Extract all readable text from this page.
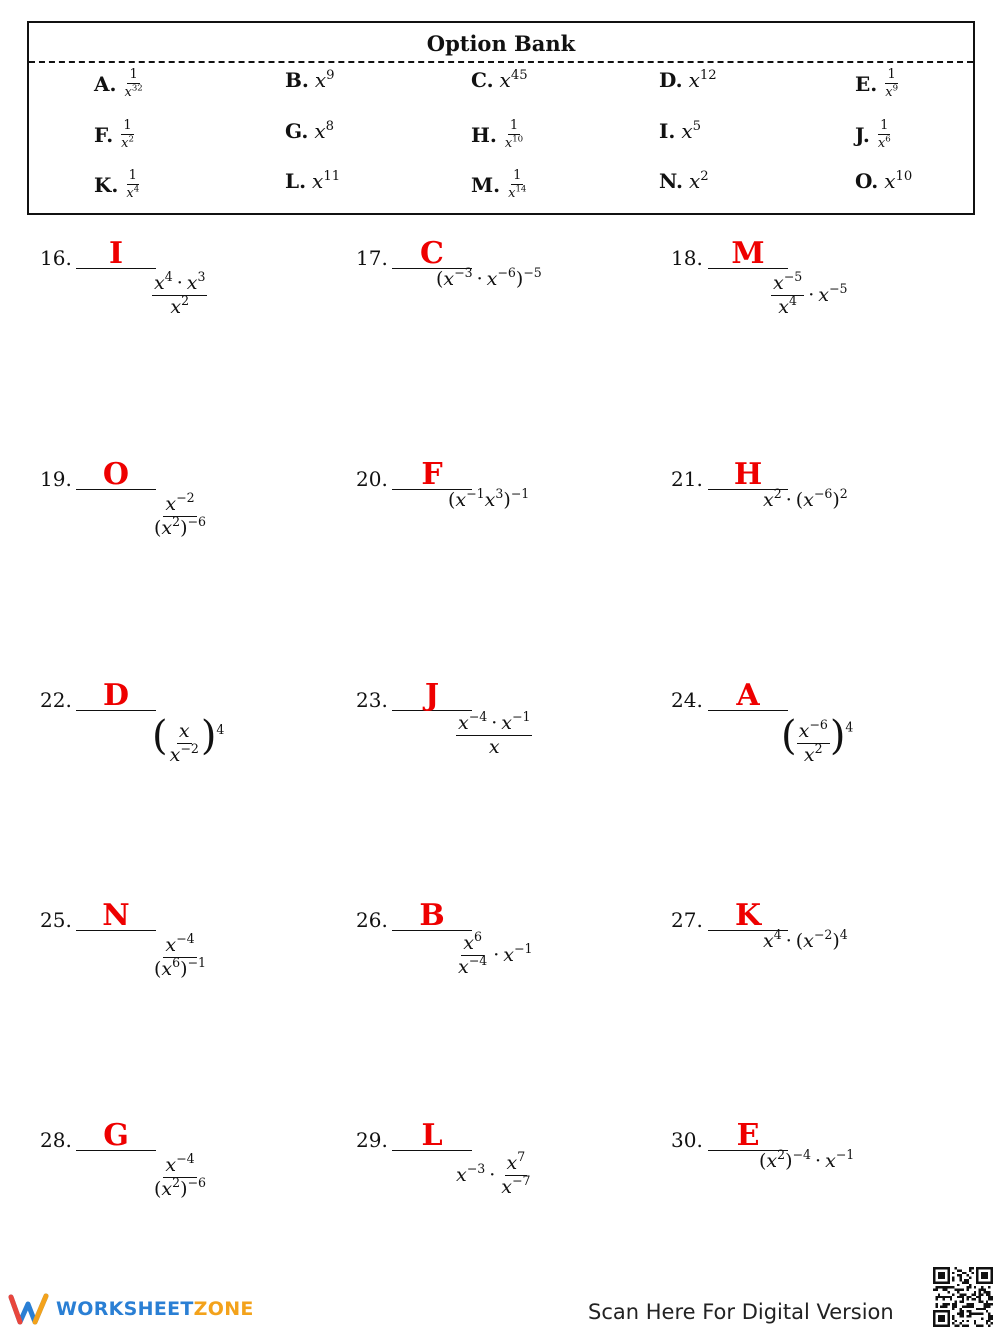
Option Bank
A. $\frac{1}{x^{32}}$	B. $x^9$	C. $x^{45}$	D. $x^{12}$	E. $\frac{1}{x^9}$
F. $\frac{1}{x^2}$	G. $x^8$	H. $\frac{1}{x^{10}}$	I. $x^5$	J. $\frac{1}{x^6}$
K. $\frac{1}{x^4}$	L. $x^{11}$	M. $\frac{1}{x^{14}}$	N. $x^2$	O. $x^{10}$
16.	I
$\frac{x^4 \cdot x^3}{x^2}$
17.	C
$(x^{-3} \cdot x^{-6})^{-5}$
18. M
$\frac{x^{-5}}{x^4} \cdot x^{-5}$
19.	O
$\frac{x^{-2}}{(x^2)^{-6}}$
20.	F
$(x^{-1}x^3)^{-1}$
21.	H
$x^2 \cdot (x^{-6})^2$
22.	D
( $\frac{x}{x^{-2}} )^4$
23.	J
$\frac{x^{-4} \cdot x^{-1}}{x}$
24.	A
( $\frac{x^{-6}}{x^2} )^4$
25.	N
$\frac{x^{-4}}{(x^6)^{-1}}$
26.	B
$\frac{x^6}{x^{-4}} \cdot x^{-1}$
27.	K
$x^4 \cdot (x^{-2})^4$
28.	G
$\frac{x^{-4}}{(x^2)^{-6}}$
29.	L
$x^{-3} \cdot \frac{x^7}{x^{-7}}$
30.	E
$(x^2)^{-4} \cdot x^{-1}$
WORKSHEETZONE	Scan Here For Digital Version
